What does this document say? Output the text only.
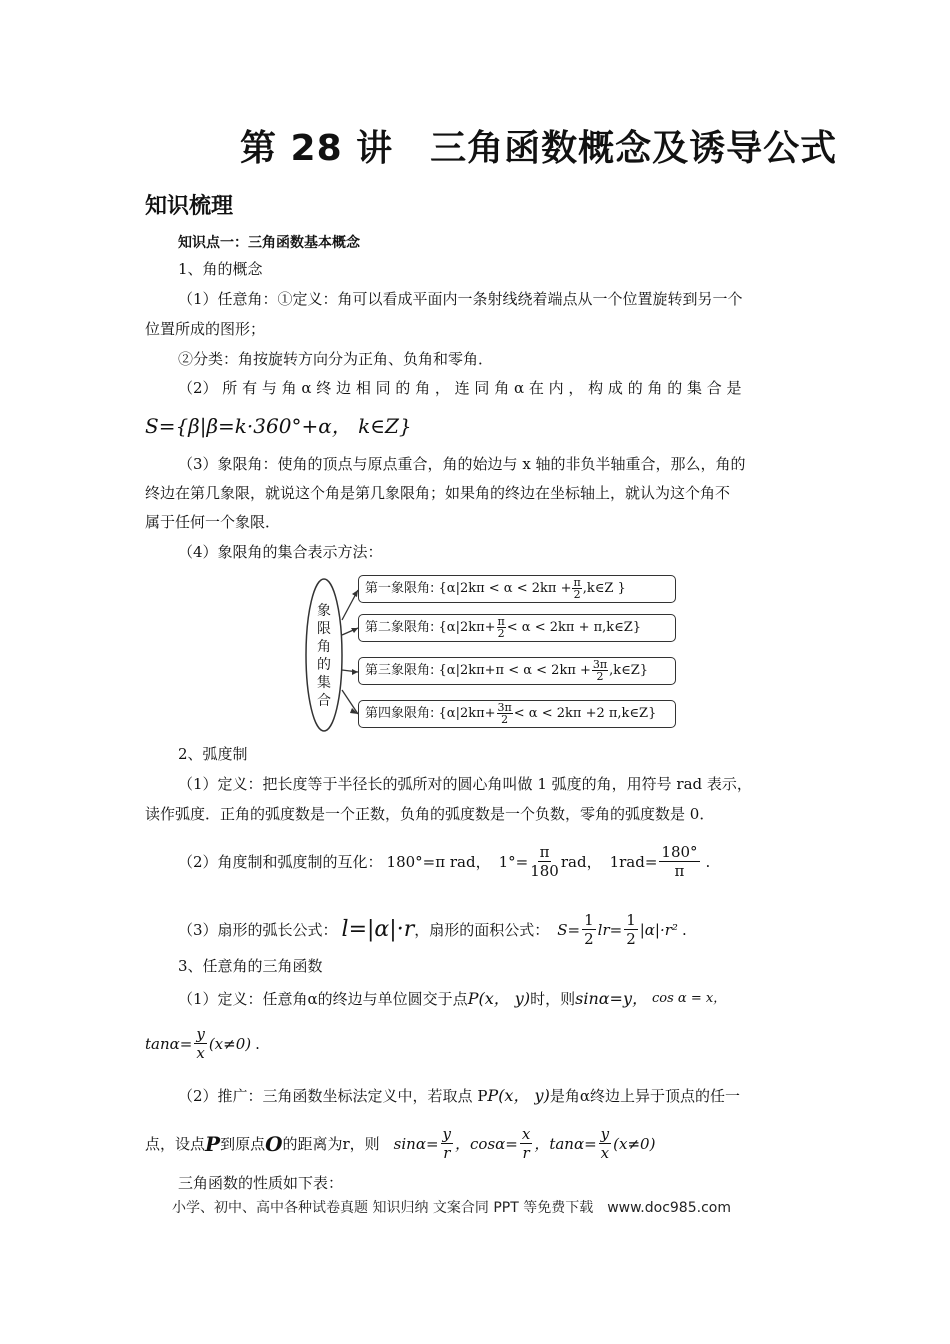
第 28 讲　三角函数概念及诱导公式
知识梳理
知识点一：三角函数基本概念
1、角的概念
（1）任意角：①定义：角可以看成平面内一条射线绕着端点从一个位置旋转到另一个
位置所成的图形；
②分类：角按旋转方向分为正角、负角和零角．
（2） 所 有 与 角 α 终 边 相 同 的 角 ， 连 同 角 α 在 内 ， 构 成 的 角 的 集 合 是
S={β|β=k·360°+α， k∈Z}
（3）象限角：使角的顶点与原点重合，角的始边与 x 轴的非负半轴重合，那么，角的
终边在第几象限，就说这个角是第几象限角；如果角的终边在坐标轴上，就认为这个角不
属于任何一个象限．
（4）象限角的集合表示方法：
象
限
角
的
集
合
第一象限角: {$\alpha|2k\pi < \alpha < 2k\pi + \frac{\pi}{2}$ ,k∈Z }
第二象限角: {$\alpha|2k\pi+ \frac{\pi}{2} < \alpha < 2k\pi$ + π,k∈Z}
第三象限角: {$\alpha|2k\pi+\pi < \alpha < 2k\pi + \frac{3\pi}{2}$ ,k∈Z}
第四象限角: {$\alpha|2k\pi+ \frac{3\pi}{2} < \alpha < 2k\pi +2$ π,k∈Z}
2、弧度制
（1）定义：把长度等于半径长的弧所对的圆心角叫做 1 弧度的角，用符号 rad 表示，
读作弧度．正角的弧度数是一个正数，负角的弧度数是一个负数，零角的弧度数是 0．
（2）角度制和弧度制的互化： 180°=π rad， $1^\circ= \frac{\pi}{180}$ rad， $1rad= \frac{180^\circ}{\pi}$ .
（3）扇形的弧长公式： l=|α|·r ，扇形的面积公式： $S= \frac{1}{2} lr= \frac{1}{2} |\alpha|\cdot r^2$ .
3、任意角的三角函数
（1）定义：任意角α的终边与单位圆交于点 P(x， y) 时，则 sinα=y， cos α = x，
$\tan\alpha= \frac{y}{x} (x\ne 0)$ .
（2）推广：三角函数坐标法定义中，若取点 P P(x， y) 是角α终边上异于顶点的任一
点，设点 P 到原点 O 的距离为r，则 $\sin\alpha= \frac{y}{r}$ ，$\cos\alpha= \frac{x}{r}$ ，$\tan\alpha= \frac{y}{x} (x\ne 0)$
三角函数的性质如下表：
小学、初中、高中各种试卷真题 知识归纳 文案合同 PPT 等免费下载　www.doc985.com
